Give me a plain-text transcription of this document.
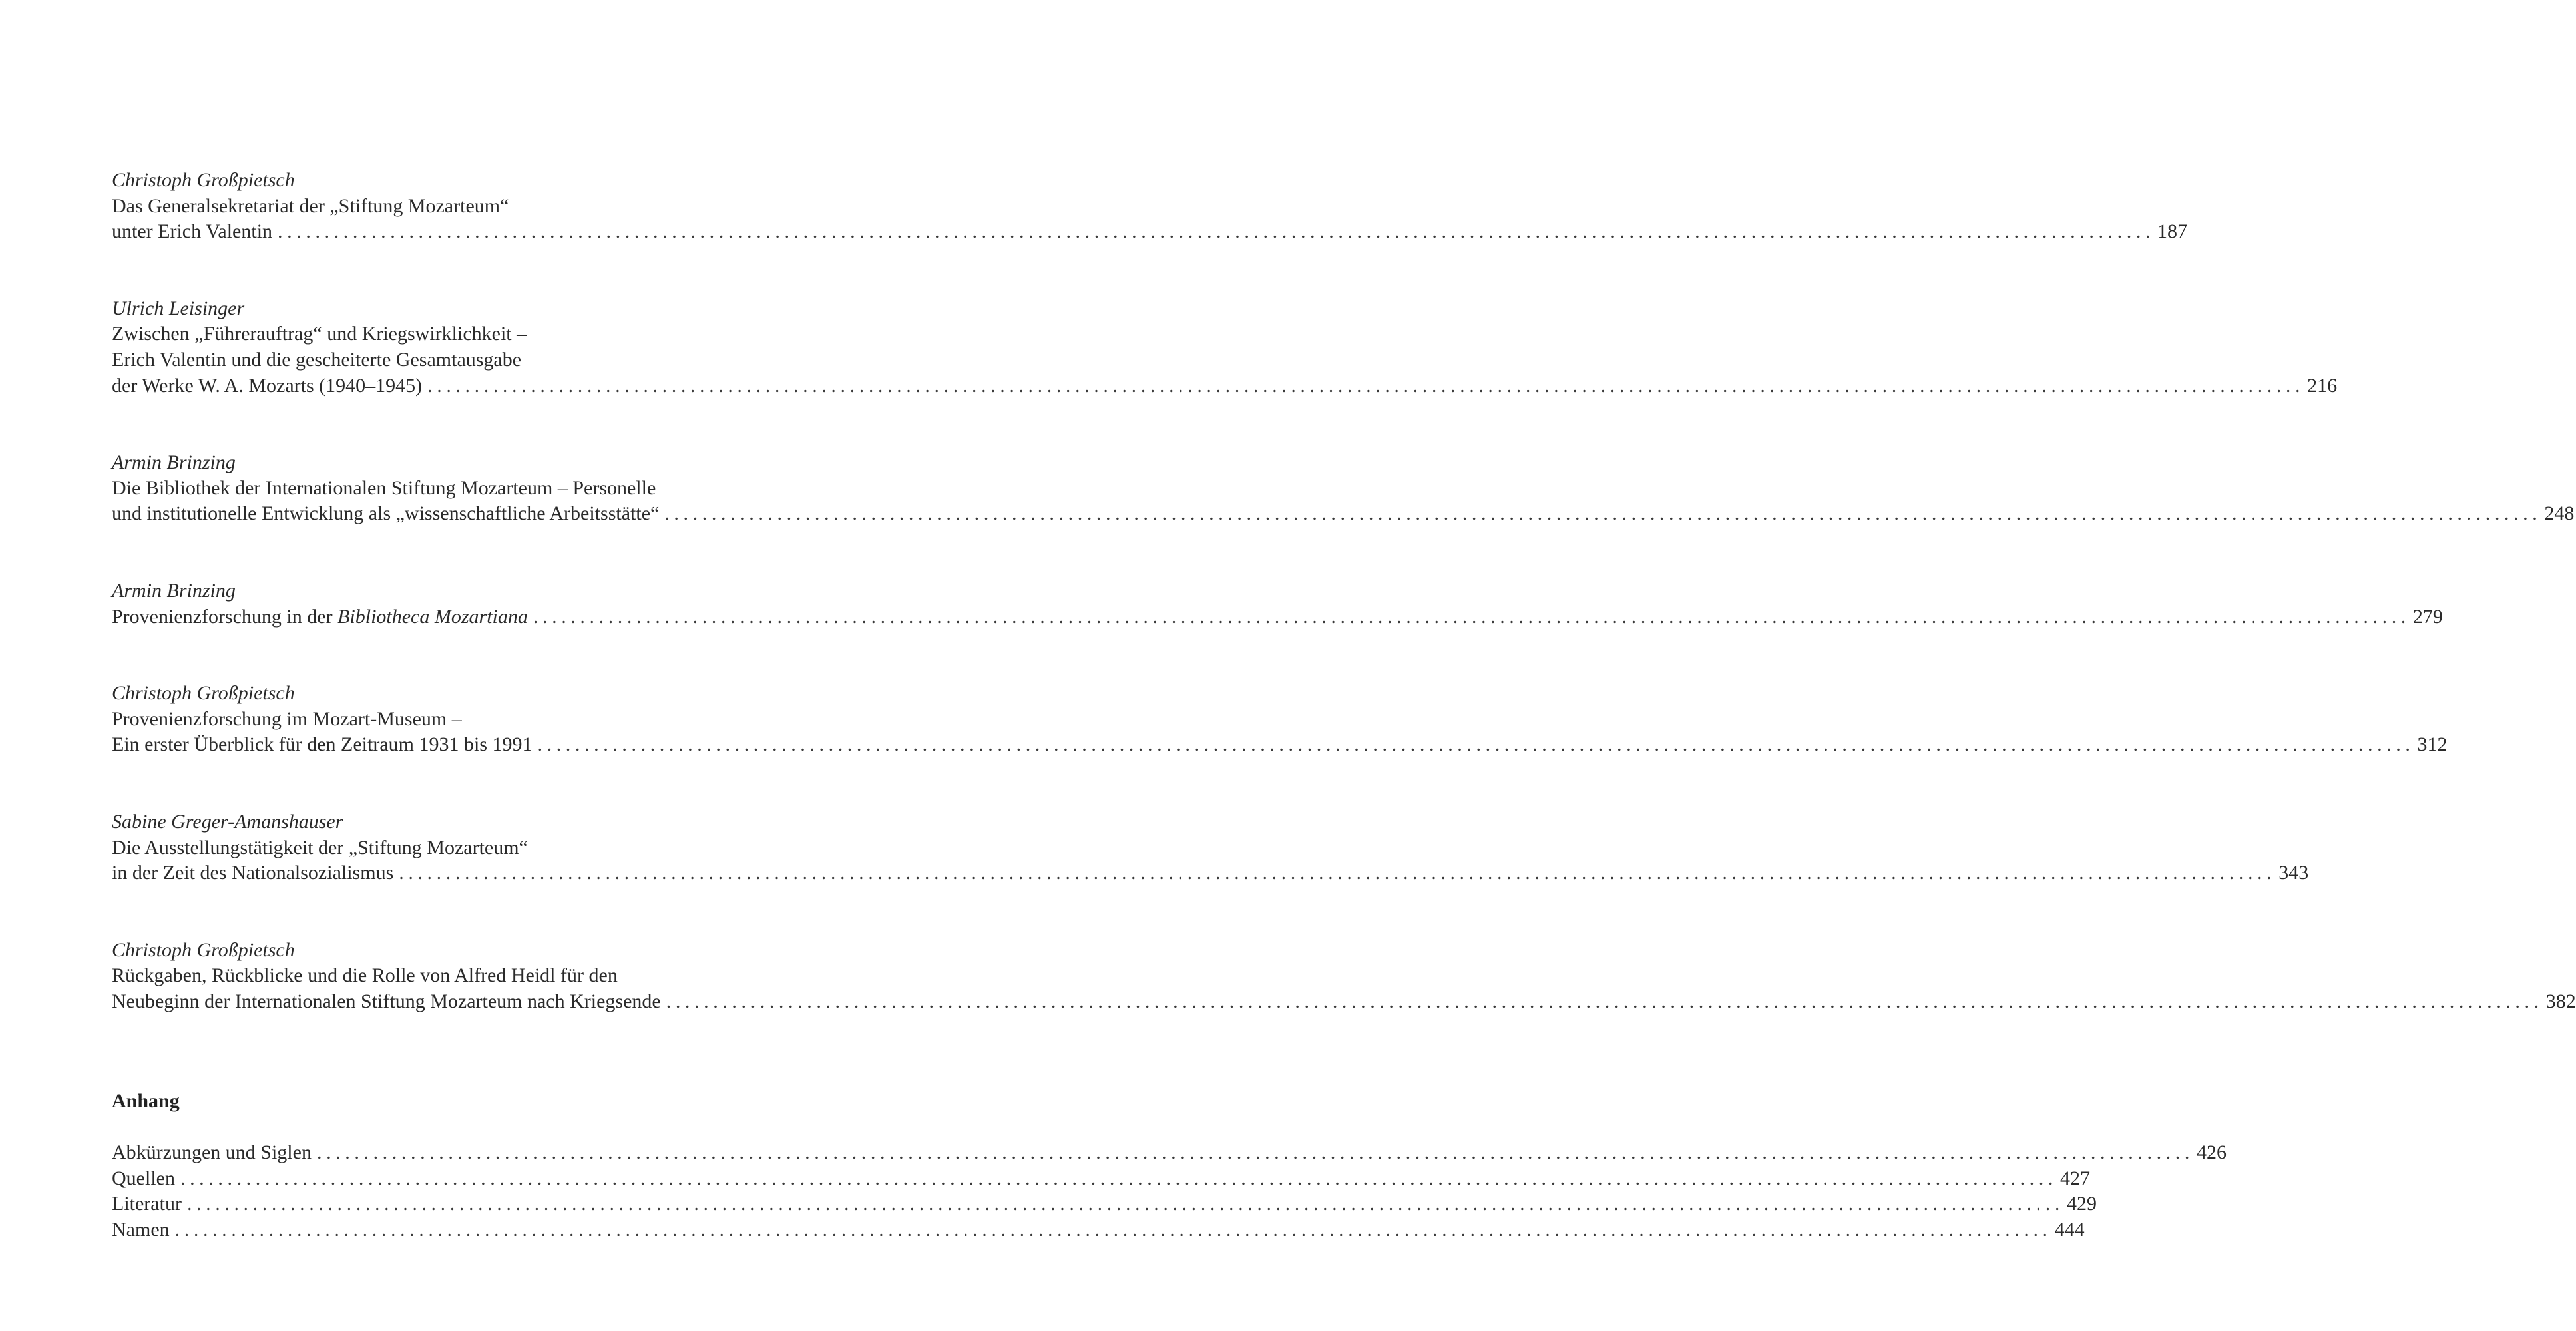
Christoph Großpietsch
Das Generalsekretariat der „Stiftung Mozarteum“
unter Erich Valentin ........................................................................................................................................................................................................ 187
Ulrich Leisinger
Zwischen „Führerauftrag“ und Kriegswirklichkeit –
Erich Valentin und die gescheiterte Gesamtausgabe
der Werke W. A. Mozarts (1940–1945) ........................................................................................................................................................................................................ 216
Armin Brinzing
Die Bibliothek der Internationalen Stiftung Mozarteum – Personelle
und institutionelle Entwicklung als „wissenschaftliche Arbeitsstätte“ ........................................................................................................................................................................................................ 248
Armin Brinzing
Provenienzforschung in der Bibliotheca Mozartiana ........................................................................................................................................................................................................ 279
Christoph Großpietsch
Provenienzforschung im Mozart-Museum –
Ein erster Überblick für den Zeitraum 1931 bis 1991 ........................................................................................................................................................................................................ 312
Sabine Greger-Amanshauser
Die Ausstellungstätigkeit der „Stiftung Mozarteum“
in der Zeit des Nationalsozialismus ........................................................................................................................................................................................................ 343
Christoph Großpietsch
Rückgaben, Rückblicke und die Rolle von Alfred Heidl für den
Neubeginn der Internationalen Stiftung Mozarteum nach Kriegsende ........................................................................................................................................................................................................ 382
Anhang
Abkürzungen und Siglen ........................................................................................................................................................................................................ 426
Quellen ........................................................................................................................................................................................................ 427
Literatur ........................................................................................................................................................................................................ 429
Namen ........................................................................................................................................................................................................ 444
